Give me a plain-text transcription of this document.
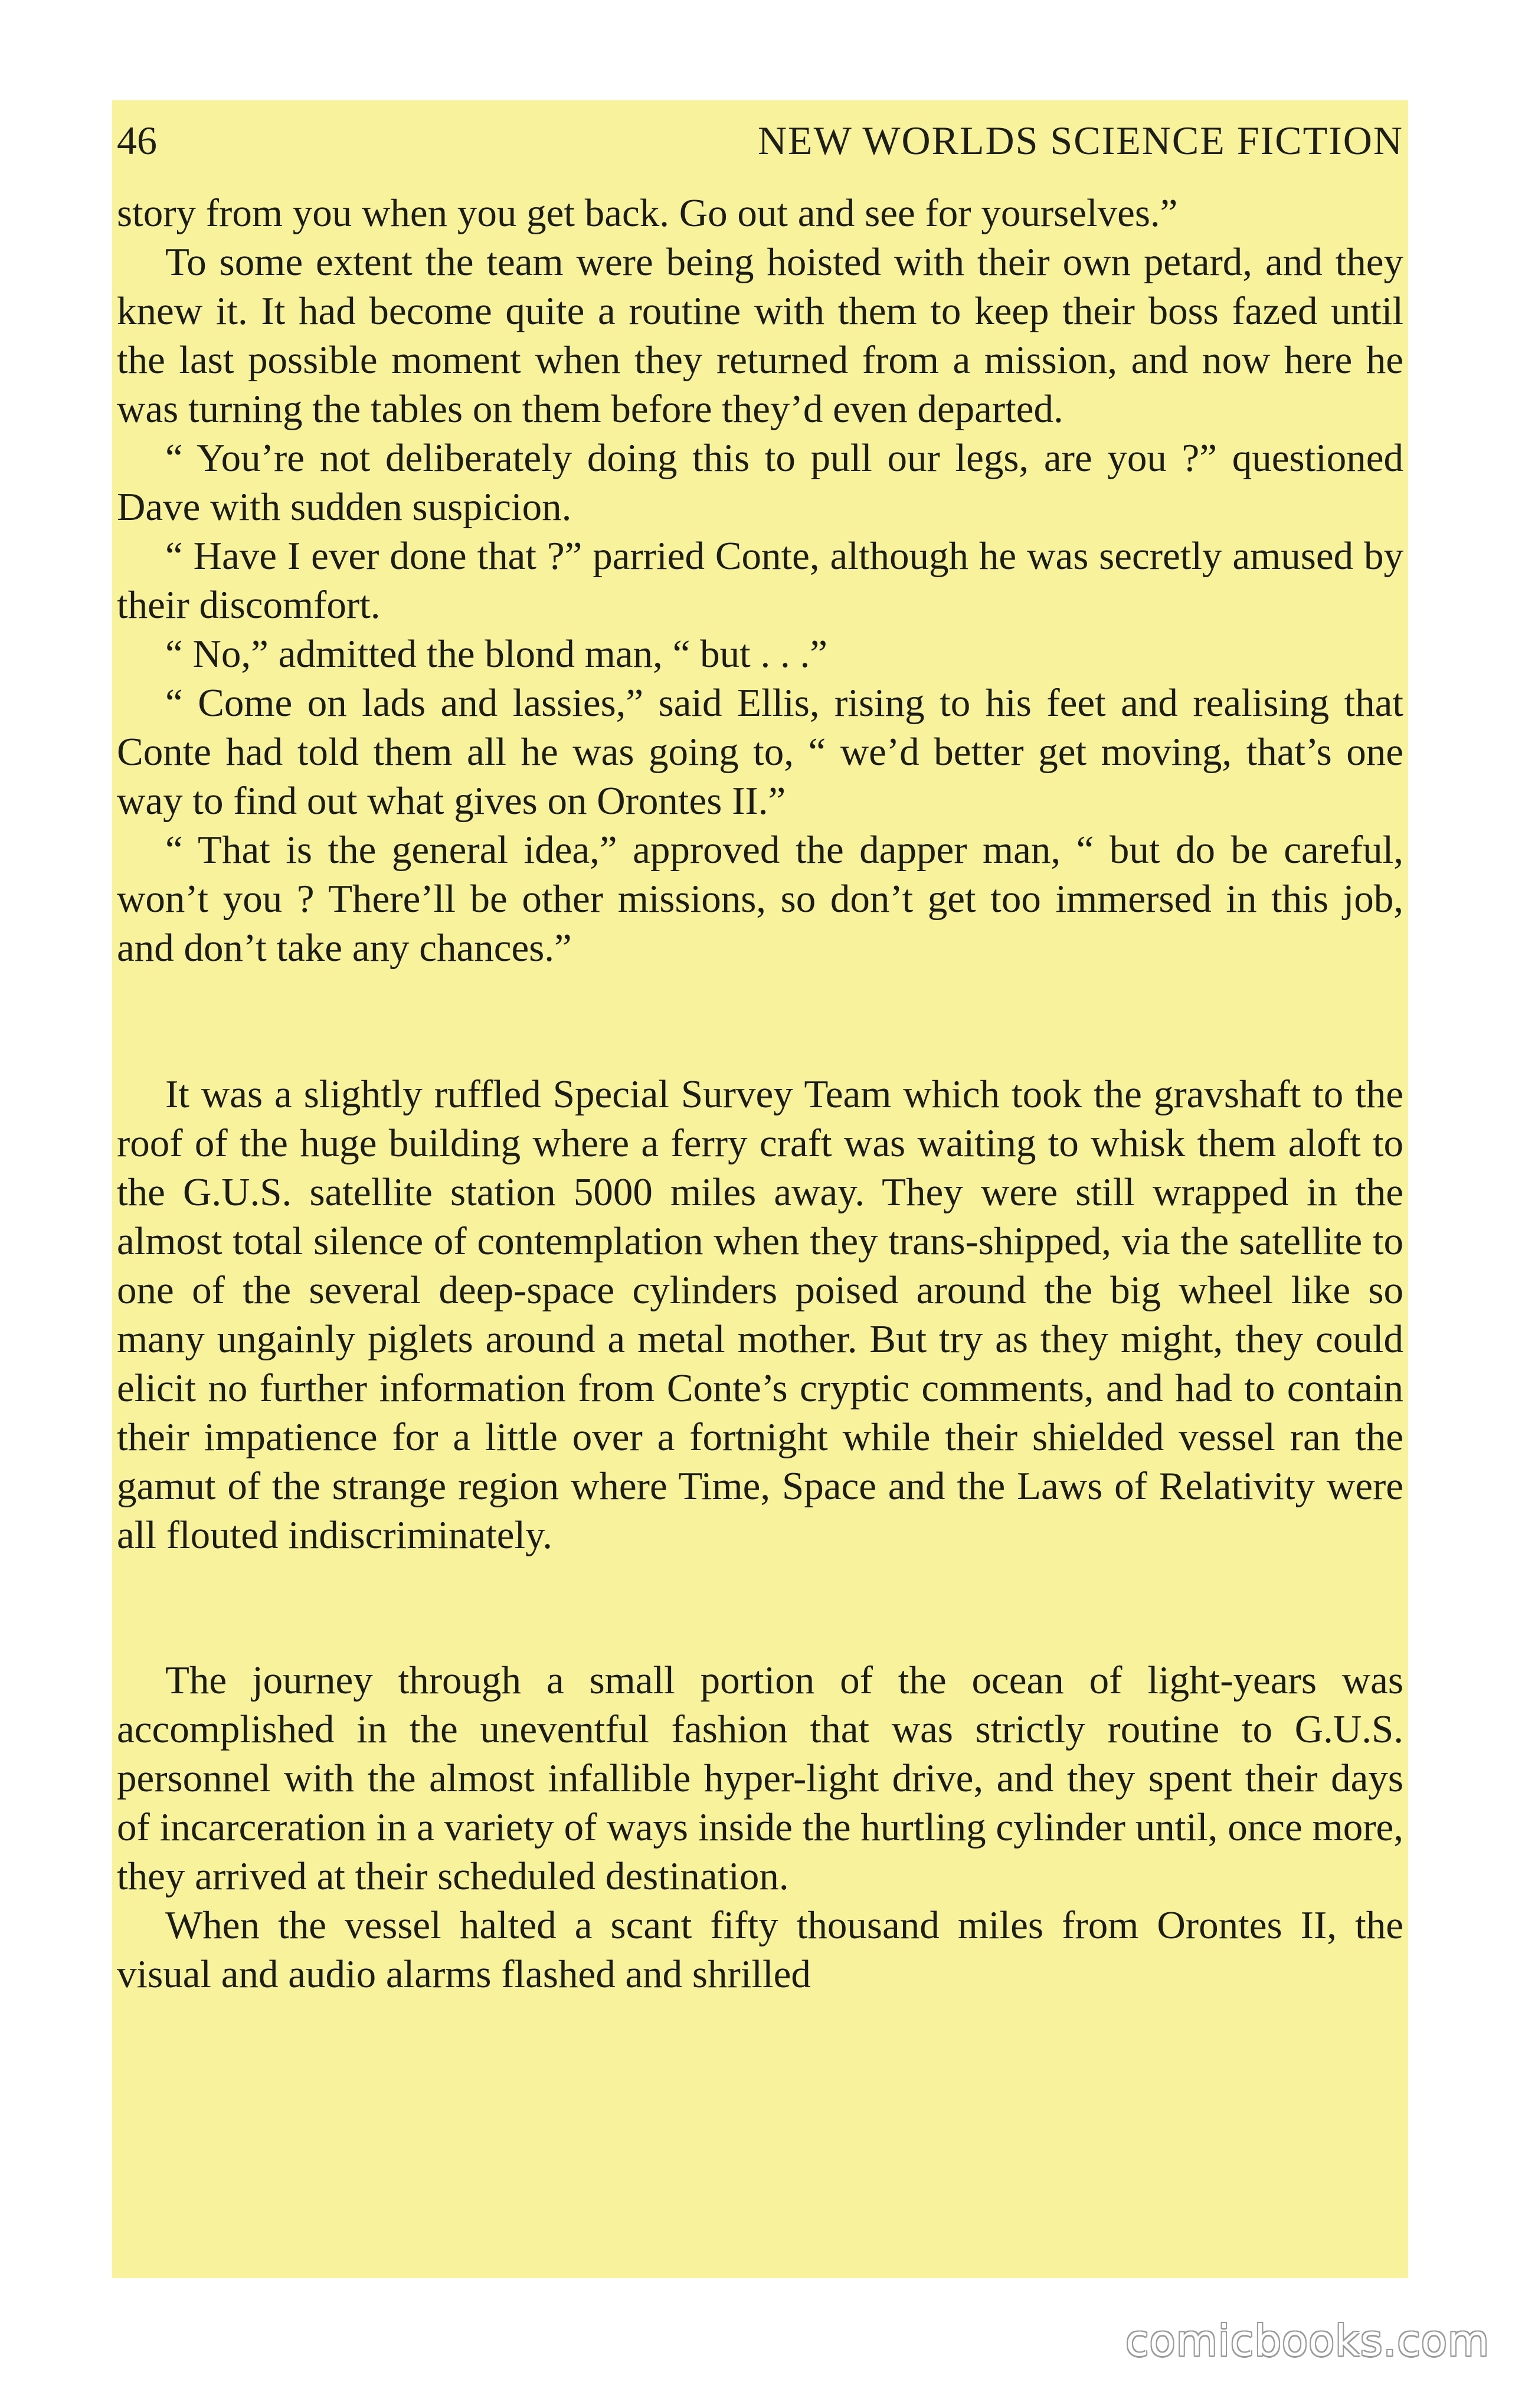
46	NEW WORLDS SCIENCE FICTION

story from you when you get back. Go out and see for yourselves.”

To some extent the team were being hoisted with their own petard, and they knew it. It had become quite a routine with them to keep their boss fazed until the last possible moment when they returned from a mission, and now here he was turning the tables on them before they’d even departed.

“ You’re not deliberately doing this to pull our legs, are you ?” questioned Dave with sudden suspicion.

“ Have I ever done that ?” parried Conte, although he was secretly amused by their discomfort.

“ No,” admitted the blond man, “ but . . .”

“ Come on lads and lassies,” said Ellis, rising to his feet and realising that Conte had told them all he was going to, “ we’d better get moving, that’s one way to find out what gives on Orontes II.”

“ That is the general idea,” approved the dapper man, “ but do be careful, won’t you ? There’ll be other missions, so don’t get too immersed in this job, and don’t take any chances.”

It was a slightly ruffled Special Survey Team which took the gravshaft to the roof of the huge building where a ferry craft was waiting to whisk them aloft to the G.U.S. satellite station 5000 miles away. They were still wrapped in the almost total silence of contemplation when they trans-shipped, via the satellite to one of the several deep-space cylinders poised around the big wheel like so many ungainly piglets around a metal mother. But try as they might, they could elicit no further information from Conte’s cryptic comments, and had to contain their impatience for a little over a fortnight while their shielded vessel ran the gamut of the strange region where Time, Space and the Laws of Relativity were all flouted indiscriminately.

The journey through a small portion of the ocean of light-years was accomplished in the uneventful fashion that was strictly routine to G.U.S. personnel with the almost infallible hyper-light drive, and they spent their days of incarceration in a variety of ways inside the hurtling cylinder until, once more, they arrived at their scheduled destination.

When the vessel halted a scant fifty thousand miles from Orontes II, the visual and audio alarms flashed and shrilled

comicbooks.com
